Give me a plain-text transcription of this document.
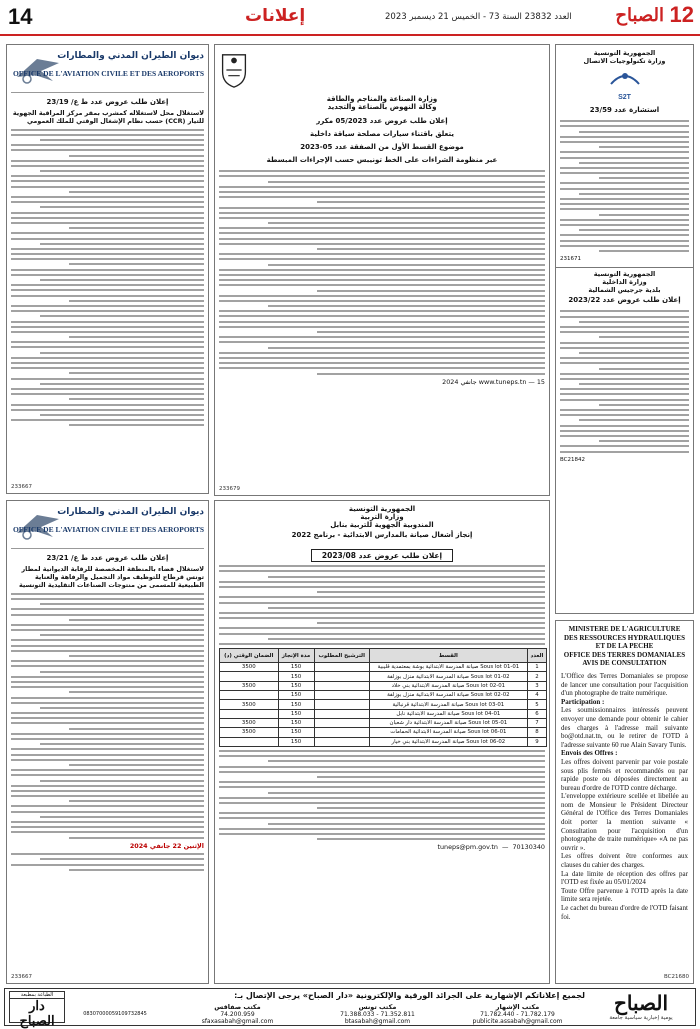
14	إعلانات	العدد 23832 السنة 73 - الخميس 21 ديسمبر 2023	12
الصباح
ديوان الطيران المدني والمطارات
OFFICE DE L'AVIATION CIVILE ET DES AEROPORTS
إعلان طلب عروض عدد ط ع/ 23/19
لاستغلال محل لاستغلاله كمشرب بمقر مركز المراقبة الجهوية للتيار (CCR) حسب نظام الإشغال الوقتي للملك العمومي
233667
ديوان الطيران المدني والمطارات
OFFICE DE L'AVIATION CIVILE ET DES AEROPORTS
إعلان طلب عروض عدد ط ع/ 23/21
لاستغلال فضاء بالمنطقة المخصصة للرقابة الديوانية لمطار تونس قرطاج للتوظيف مواد التجميل والرفاهة والعناية الطبيعية للمسمى من منتوجات الصناعات التقليدية التونسية
الإثنين 22 جانفي 2024
233667
وزارة الصناعة والمناجم والطاقة
وكالة النهوض بالصناعة والتجديد
إعلان طلب عروض عدد 05/2023 مكرر
يتعلق باقتناء سيارات مصلحة سياقة داخلية
موضوع القسط الأول من الصفقة عدد 05-2023
عبر منظومة الشراءات على الخط تونيبس حسب الإجراءات المبسطة
www.tuneps.tn — 15 جانفي 2024
233679
الجمهورية التونسية
وزارة التربية
المندوبية الجهوية للتربية بنابل
إنجاز أشغال صيانة بالمدارس الابتدائية - برنامج 2022
إعلان طلب عروض عدد 2023/08
العدد	القسط	الترشيح المطلوب	مدة الإنجاز	الضمان الوقتي (د)
1	Sous lot 01-01 صيانة المدرسة الابتدائية بوشة بمعتمدية قليبية		150	3500
2	Sous lot 01-02 صيانة المدرسة الابتدائية منزل بوزلفة		150	
3	Sous lot 02-01 صيانة المدرسة الابتدائية بني خلاد		150	3500
4	Sous lot 02-02 صيانة المدرسة الابتدائية منزل بوزلفة		150	
5	Sous lot 03-01 صيانة المدرسة الابتدائية قرنبالية		150	3500
6	Sous lot 04-01 صيانة المدرسة الابتدائية نابل		150	
7	Sous lot 05-01 صيانة المدرسة الابتدائية دار شعبان		150	3500
8	Sous lot 06-01 صيانة المدرسة الابتدائية الحمامات		150	3500
9	Sous lot 06-02 صيانة المدرسة الابتدائية بني خيار		150	
tuneps@pm.gov.tn  —  70130340
الجمهورية التونسية
وزارة تكنولوجيات الاتصال
S2T
استشارة عدد 23/59
231671
الجمهورية التونسية
وزارة الداخلية
بلدية جرجيس الشمالية
إعلان طلب عروض عدد 2023/22
BC21842
MINISTERE DE L'AGRICULTURE
DES RESSOURCES HYDRAULIQUES
ET DE LA PECHE
OFFICE DES TERRES DOMANIALES
AVIS DE CONSULTATION

L'Office des Terres Domaniales se propose de lancer une consultation pour l'acquisition d'un photographe de traite numérique.

Participation :

Les soumissionnaires intéressés peuvent envoyer une demande pour obtenir le cahier des charges à l'adresse mail suivante bo@otd.nat.tn, ou le retirer de l'OTD à l'adresse suivante 60 rue Alain Savary Tunis.

Envois des Offres :

Les offres doivent parvenir par voie postale sous plis fermés et recommandés ou par rapide poste ou déposées directement au bureau d'ordre de l'OTD contre décharge.

L'enveloppe extérieure scellée et libellée au nom de Monsieur le Président Directeur Général de l'Office des Terres Domaniales doit porter la mention suivante « Consultation pour l'acquisition d'un photographe de traite numérique» «A ne pas ouvrir ».

Les offres doivent être conformes aux clauses du cahier des charges.

La date limite de réception des offres par l'OTD est fixée au 05/01/2024

Toute Offre parvenue à l'OTD après la date limite sera rejetée.

Le cachet du bureau d'ordre de l'OTD faisant foi.

BC21680
لجميع إعلاناتكم الإشهارية على الجرائد الورقية والإلكترونية «دار الصباح» يرجى الإتصال بـ:	الصباح
يومية إخبارية سياسية جامعة
مكتب الإشهار
71.782.179 - 71.782.440
publicite.assabah@gmail.com
مكتب تونس
71.352.811 - 71.388.033
btasabah@gmail.com
مكتب صفاقس
74.200.959
sfaxasabah@gmail.com
08307000059109732845
الطباعة بمطبعة
دار الصباح
